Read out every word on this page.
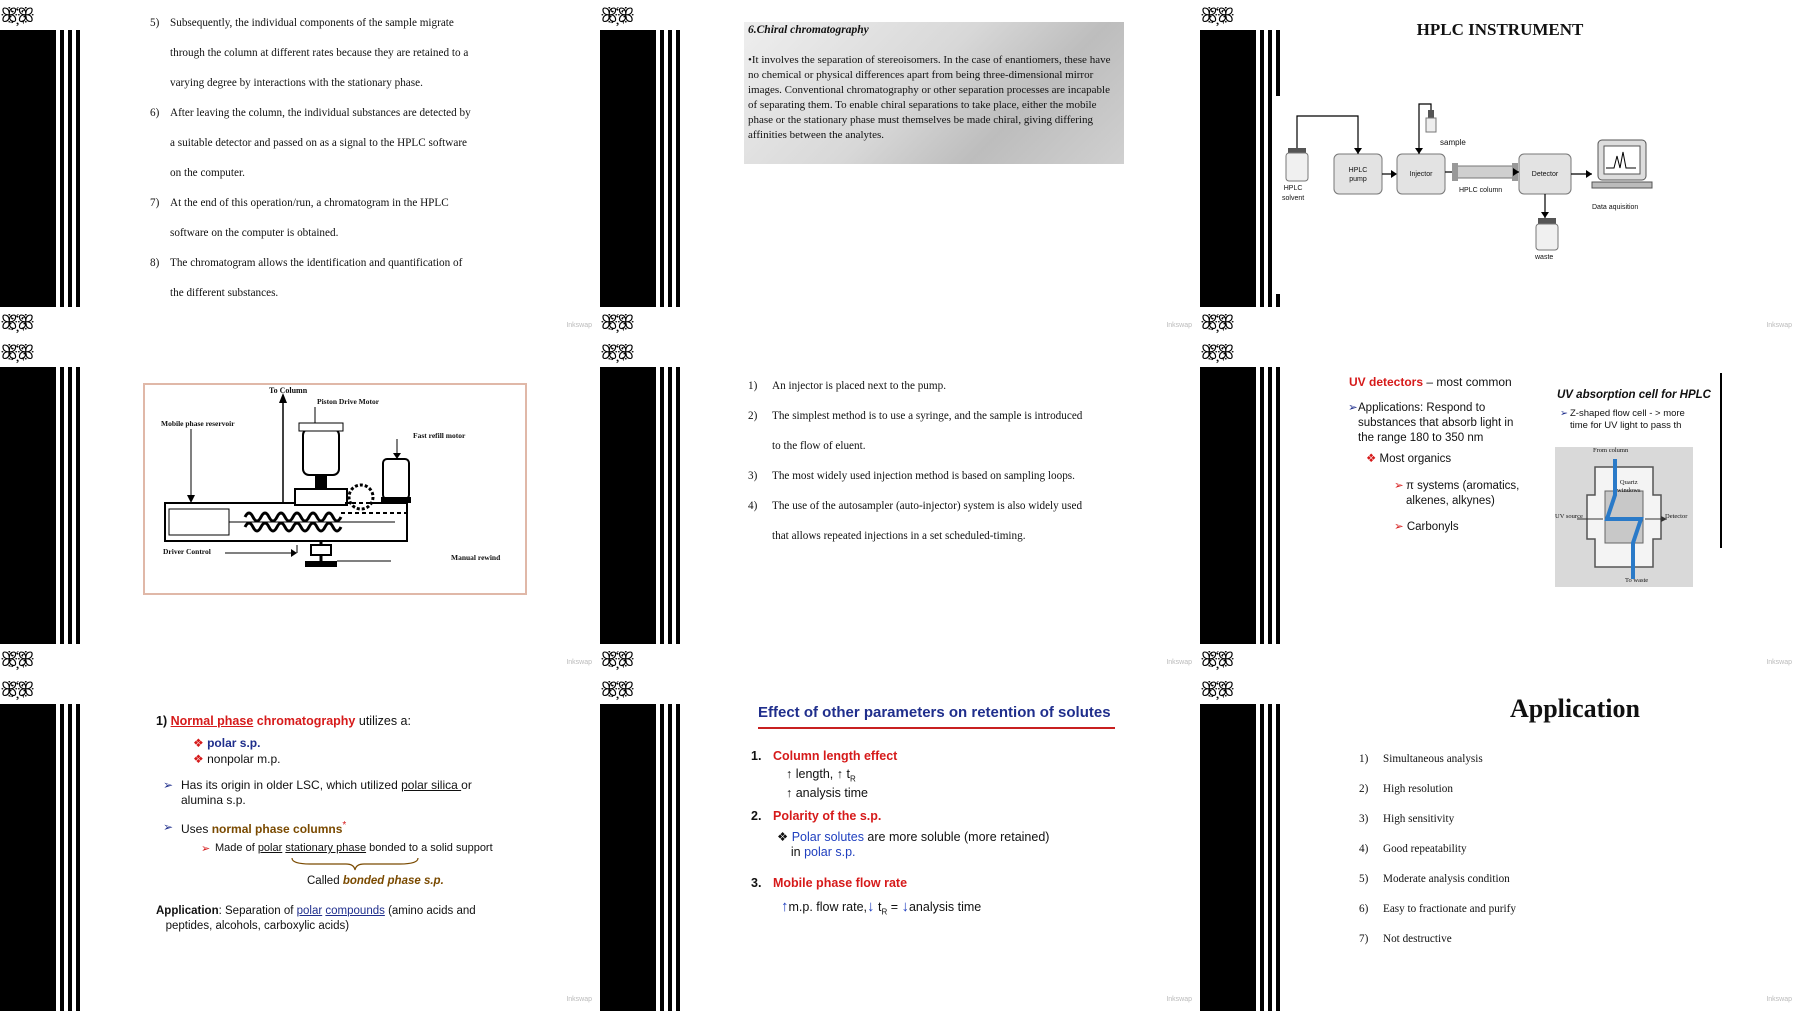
ꕥ҉ꕥ
ꕥ҉ꕥ
5) Subsequently, the individual components of the sample migrate
through the column at different rates because they are retained to a
varying degree by interactions with the stationary phase.
6) After leaving the column, the individual substances are detected by
a suitable detector and passed on as a signal to the HPLC software
on the computer.
7) At the end of this operation/run, a chromatogram in the HPLC
software on the computer is obtained.
8) The chromatogram allows the identification and quantification of
the different substances.
Inkswap
ꕥ҉ꕥ
ꕥ҉ꕥ
6.Chiral chromatography
•It involves the separation of stereoisomers. In the case of enantiomers, these have no chemical or physical differences apart from being three-dimensional mirror images. Conventional chromatography or other separation processes are incapable of separating them. To enable chiral separations to take place, either the mobile phase or the stationary phase must themselves be made chiral, giving differing affinities between the analytes.
Inkswap
ꕥ҉ꕥ
ꕥ҉ꕥ
HPLC INSTRUMENT
HPLC
solvent
HPLC
pump
Injector
sample
HPLC column
Detector
Data aquisition
waste
Inkswap
ꕥ҉ꕥ
ꕥ҉ꕥ
To Column
Piston Drive Motor
Mobile phase reservoir
Fast refill motor
Driver Control
Manual rewind
Inkswap
ꕥ҉ꕥ
ꕥ҉ꕥ
1)	An injector is placed next to the pump.
2)	The simplest method is to use a syringe, and the sample is introduced
to the flow of eluent.
3)	The most widely used injection method is based on sampling loops.
4)	The use of the autosampler (auto-injector) system is also widely used
that allows repeated injections in a set scheduled-timing.
Inkswap
ꕥ҉ꕥ
ꕥ҉ꕥ
UV detectors – most common
➢ Applications: Respond to
substances that absorb light in
the range 180 to 350 nm
❖ Most organics
➢ π systems (aromatics,
alkenes, alkynes)
➢ Carbonyls
UV absorption cell for HPLC
➢ Z-shaped flow cell - > more
time for UV light to pass th
From column
Quartz
windows
UV source	Detector
To waste
Inkswap
ꕥ҉ꕥ
1) Normal phase chromatography utilizes a:
❖ polar s.p.
❖ nonpolar m.p.
➢ Has its origin in older LSC, which utilized polar silica or
alumina s.p.
➢ Uses normal phase columns*
➢ Made of polar stationary phase bonded to a solid support
Called bonded phase s.p.
Application: Separation of polar compounds (amino acids and
peptides, alcohols, carboxylic acids)
Inkswap
ꕥ҉ꕥ
Effect of other parameters on retention of solutes
1. Column length effect
↑ length, ↑ $t_R$
↑ analysis time
2. Polarity of the s.p.
❖ Polar solutes are more soluble (more retained)
in polar s.p.
3. Mobile phase flow rate
↑m.p. flow rate,↓ $t_R$ = ↓analysis time
Inkswap
ꕥ҉ꕥ
Application
1)	Simultaneous analysis
2)	High resolution
3)	High sensitivity
4)	Good repeatability
5)	Moderate analysis condition
6)	Easy to fractionate and purify
7)	Not destructive
Inkswap
